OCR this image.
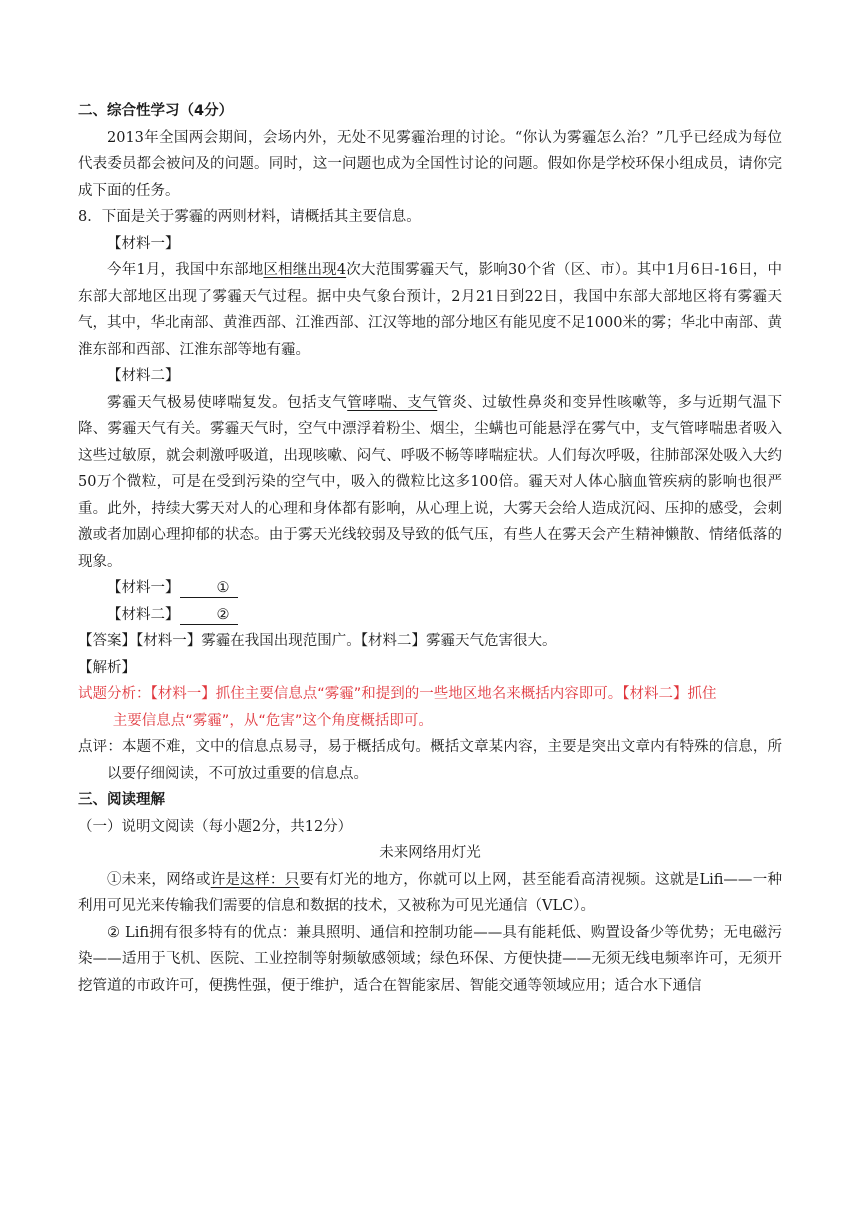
二、综合性学习（4分）
2013年全国两会期间，会场内外，无处不见雾霾治理的讨论。“你认为雾霾怎么治？”几乎已经成为每位代表委员都会被问及的问题。同时，这一问题也成为全国性讨论的问题。假如你是学校环保小组成员，请你完成下面的任务。
8．下面是关于雾霾的两则材料，请概括其主要信息。
【材料一】
今年1月，我国中东部地区相继出现4次大范围雾霾天气，影响30个省（区、市）。其中1月6日-16日，中东部大部地区出现了雾霾天气过程。据中央气象台预计，2月21日到22日，我国中东部大部地区将有雾霾天气，其中，华北南部、黄淮西部、江淮西部、江汉等地的部分地区有能见度不足1000米的雾；华北中南部、黄淮东部和西部、江淮东部等地有霾。
【材料二】
雾霾天气极易使哮喘复发。包括支气管哮喘、支气管炎、过敏性鼻炎和变异性咳嗽等，多与近期气温下降、雾霾天气有关。雾霾天气时，空气中漂浮着粉尘、烟尘，尘螨也可能悬浮在雾气中，支气管哮喘患者吸入这些过敏原，就会刺激呼吸道，出现咳嗽、闷气、呼吸不畅等哮喘症状。人们每次呼吸，往肺部深处吸入大约50万个微粒，可是在受到污染的空气中，吸入的微粒比这多100倍。霾天对人体心脑血管疾病的影响也很严重。此外，持续大雾天对人的心理和身体都有影响，从心理上说，大雾天会给人造成沉闷、压抑的感受，会刺激或者加剧心理抑郁的状态。由于雾天光线较弱及导致的低气压，有些人在雾天会产生精神懒散、情绪低落的现象。
【材料一】	①
【材料二】	②
【答案】【材料一】雾霾在我国出现范围广。【材料二】雾霾天气危害很大。
【解析】
试题分析：【材料一】抓住主要信息点“雾霾”和提到的一些地区地名来概括内容即可。【材料二】抓住
主要信息点“雾霾”，从“危害”这个角度概括即可。
点评：本题不难，文中的信息点易寻，易于概括成句。概括文章某内容，主要是突出文章内有特殊的信息，所以要仔细阅读，不可放过重要的信息点。
三、阅读理解
（一）说明文阅读（每小题2分，共12分）
未来网络用灯光
①未来，网络或许是这样：只要有灯光的地方，你就可以上网，甚至能看高清视频。这就是Lifi——一种利用可见光来传输我们需要的信息和数据的技术，又被称为可见光通信（VLC）。
② Lifi拥有很多特有的优点：兼具照明、通信和控制功能——具有能耗低、购置设备少等优势；无电磁污染——适用于飞机、医院、工业控制等射频敏感领域；绿色环保、方便快捷——无须无线电频率许可，无须开挖管道的市政许可，便携性强，便于维护，适合在智能家居、智能交通等领域应用；适合水下通信
